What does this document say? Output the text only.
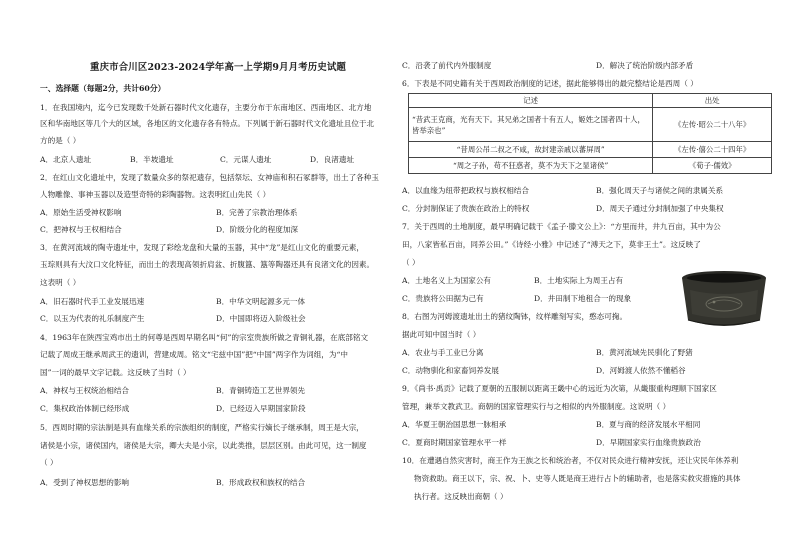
重庆市合川区2023-2024学年高一上学期9月月考历史试题
一、选择题（每题2分，共计60分）
1．在我国境内，迄今已发现数千处新石器时代文化遗存，主要分布于东南地区、西南地区、北方地
区和华南地区等几个大的区域，各地区的文化遗存各有特点。下列属于新石器时代文化遗址且位于北
方的是（ ）
A．北京人遗址	B．半坡遗址	C．元谋人遗址	D．良渚遗址
2．在红山文化遗址中，发现了数量众多的祭祀遗存，包括祭坛、女神庙和积石冢群等，出土了各种玉
人物雕像、事神玉器以及造型奇特的彩陶器物。这表明红山先民（ ）
A．原始生活受神权影响	B．完善了宗教治理体系
C．把神权与王权相结合	D．阶级分化的程度加深
3．在黄河流域的陶寺遗址中，发现了彩绘龙盘和大量的玉器，其中“龙”是红山文化的重要元素，
玉琮则具有大汶口文化特征，而出土的表现高领折肩盆、折腹簋、簋等陶器还具有良渚文化的因素。
这表明（ ）
A．旧石器时代手工业发展迅速	B．中华文明起源多元一体
C．以玉为代表的礼乐制度产生	D．中国即将迈入阶级社会
4．1963年在陕西宝鸡市出土的何尊是西周早期名叫“何”的宗室贵族所做之青铜礼器，在底部铭文
记载了周成王继承周武王的遗训，营建成周。铭文“宅兹中国”把“中国”两字作为词组，为“中
国”一词的最早文字记载。这反映了当时（ ）
A．神权与王权统治相结合	B．青铜铸造工艺世界领先
C．集权政治体制已经形成	D．已经迈入早期国家阶段
5．西周时期的宗法制是具有血缘关系的宗族组织的制度，严格实行嫡长子继承制，周王是大宗，
诸侯是小宗，诸侯国内，诸侯是大宗，卿大夫是小宗，以此类推，层层区别。由此可见，这一制度
（ ）
A．受到了神权思想的影响	B．形成政权和族权的结合
C．沿袭了前代内外服制度	D．解决了统治阶级内部矛盾
6．下表是不同史籍有关于西周政治制度的记述，据此能够得出的最完整结论是西周（ ）
记述	出处
“昔武王克商，光有天下。其兄弟之国者十有五人，姬姓之国者四十人，皆举亲也”	《左传·昭公二十八年》
“昔周公吊二叔之不咸，故封建亲戚以蕃屏周”	《左传·僖公二十四年》
“周之子孙，苟不狂惑者，莫不为天下之显诸侯”	《荀子·儒效》
A．以血缘为纽带把政权与族权相结合	B．强化周天子与诸侯之间的隶属关系
C．分封制保证了贵族在政治上的特权	D．周天子通过分封制加强了中央集权
7．关于西周的土地制度，最早明确记载于《孟子·滕文公上》：“方里而井，井九百亩，其中为公
田，八家皆私百亩，同养公田。”《诗经·小雅》中记述了“溥天之下，莫非王土”。这反映了
（ ）
A．土地名义上为国家公有	B．土地实际上为周王占有
C．贵族将公田据为己有	D．井田制下地租合一的现象
8．右图为河姆渡遗址出土的猪纹陶钵，纹样雕刻写实，憨态可掬。
据此可知中国当时（ ）
A．农业与手工业已分离	B．黄河流域先民驯化了野猪
C．动物驯化和家畜饲养发展	D．河姆渡人依然不懂稻谷
9．《尚书·禹贡》记载了夏朝的五服制以距离王畿中心的远近为次第，从畿服重构理顺下国家区
管理，兼举文教武卫。商朝的国家管理实行与之相似的内外服制度。这说明（ ）
A．华夏王朝治国思想一脉相承	B．夏与商的经济发展水平相同
C．夏商时期国家管理水平一样	D．早期国家实行血缘贵族政治
10．在遭遇自然灾害时，商王作为王族之长和统治者，不仅对民众进行精神安抚，还让灾民年休养利
物资救助。商王以下，宗、祝、卜、史等人既是商王进行占卜的辅助者，也是落实救灾措施的具体
执行者。这反映出商朝（ ）
